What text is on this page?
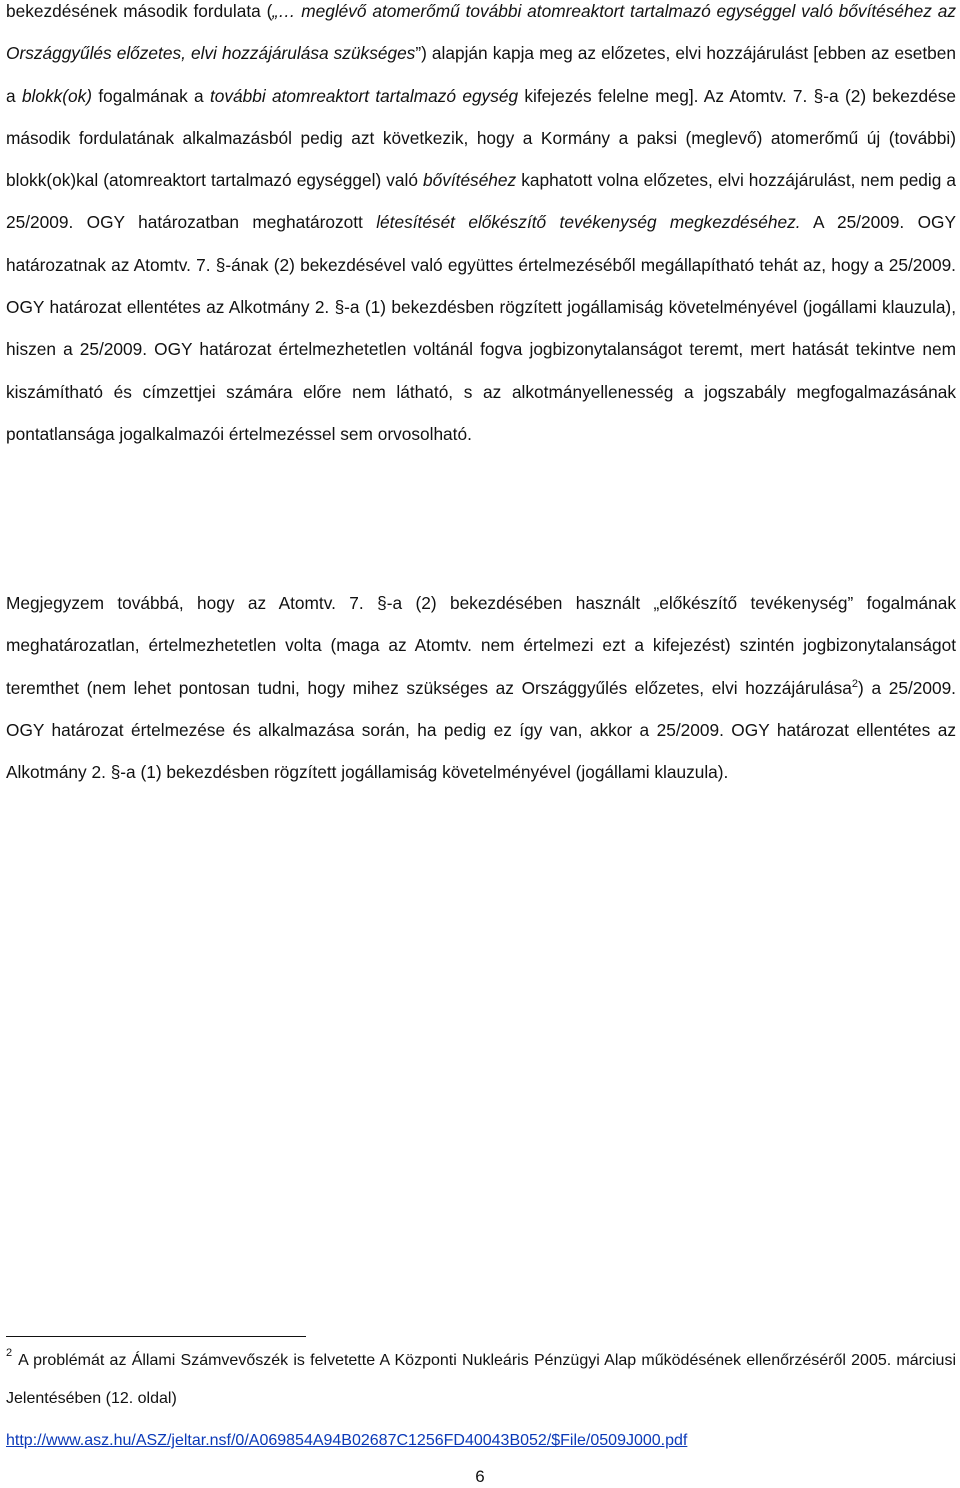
bekezdésének második fordulata („… meglévő atomerőmű további atomreaktort tartalmazó egységgel való bővítéséhez az Országgyűlés előzetes, elvi hozzájárulása szükséges”) alapján kapja meg az előzetes, elvi hozzájárulást [ebben az esetben a blokk(ok) fogalmának a további atomreaktort tartalmazó egység kifejezés felelne meg]. Az Atomtv. 7. §-a (2) bekezdése második fordulatának alkalmazásból pedig azt következik, hogy a Kormány a paksi (meglevő) atomerőmű új (további) blokk(ok)kal (atomreaktort tartalmazó egységgel) való bővítéséhez kaphatott volna előzetes, elvi hozzájárulást, nem pedig a 25/2009. OGY határozatban meghatározott létesítését előkészítő tevékenység megkezdéséhez. A 25/2009. OGY határozatnak az Atomtv. 7. §-ának (2) bekezdésével való együttes értelmezéséből megállapítható tehát az, hogy a 25/2009. OGY határozat ellentétes az Alkotmány 2. §-a (1) bekezdésben rögzített jogállamiság követelményével (jogállami klauzula), hiszen a 25/2009. OGY határozat értelmezhetetlen voltánál fogva jogbizonytalanságot teremt, mert hatását tekintve nem kiszámítható és címzettjei számára előre nem látható, s az alkotmányellenesség a jogszabály megfogalmazásának pontatlansága jogalkalmazói értelmezéssel sem orvosolható.

Megjegyzem továbbá, hogy az Atomtv. 7. §-a (2) bekezdésében használt „előkészítő tevékenység” fogalmának meghatározatlan, értelmezhetetlen volta (maga az Atomtv. nem értelmezi ezt a kifejezést) szintén jogbizonytalanságot teremthet (nem lehet pontosan tudni, hogy mihez szükséges az Országgyűlés előzetes, elvi hozzájárulása$^2$) a 25/2009. OGY határozat értelmezése és alkalmazása során, ha pedig ez így van, akkor a 25/2009. OGY határozat ellentétes az Alkotmány 2. §-a (1) bekezdésben rögzített jogállamiság követelményével (jogállami klauzula).

$^2$ A problémát az Állami Számvevőszék is felvetette A Központi Nukleáris Pénzügyi Alap működésének ellenőrzéséről 2005. márciusi Jelentésében (12. oldal)

http://www.asz.hu/ASZ/jeltar.nsf/0/A069854A94B02687C1256FD40043B052/$File/0509J000.pdf
6
